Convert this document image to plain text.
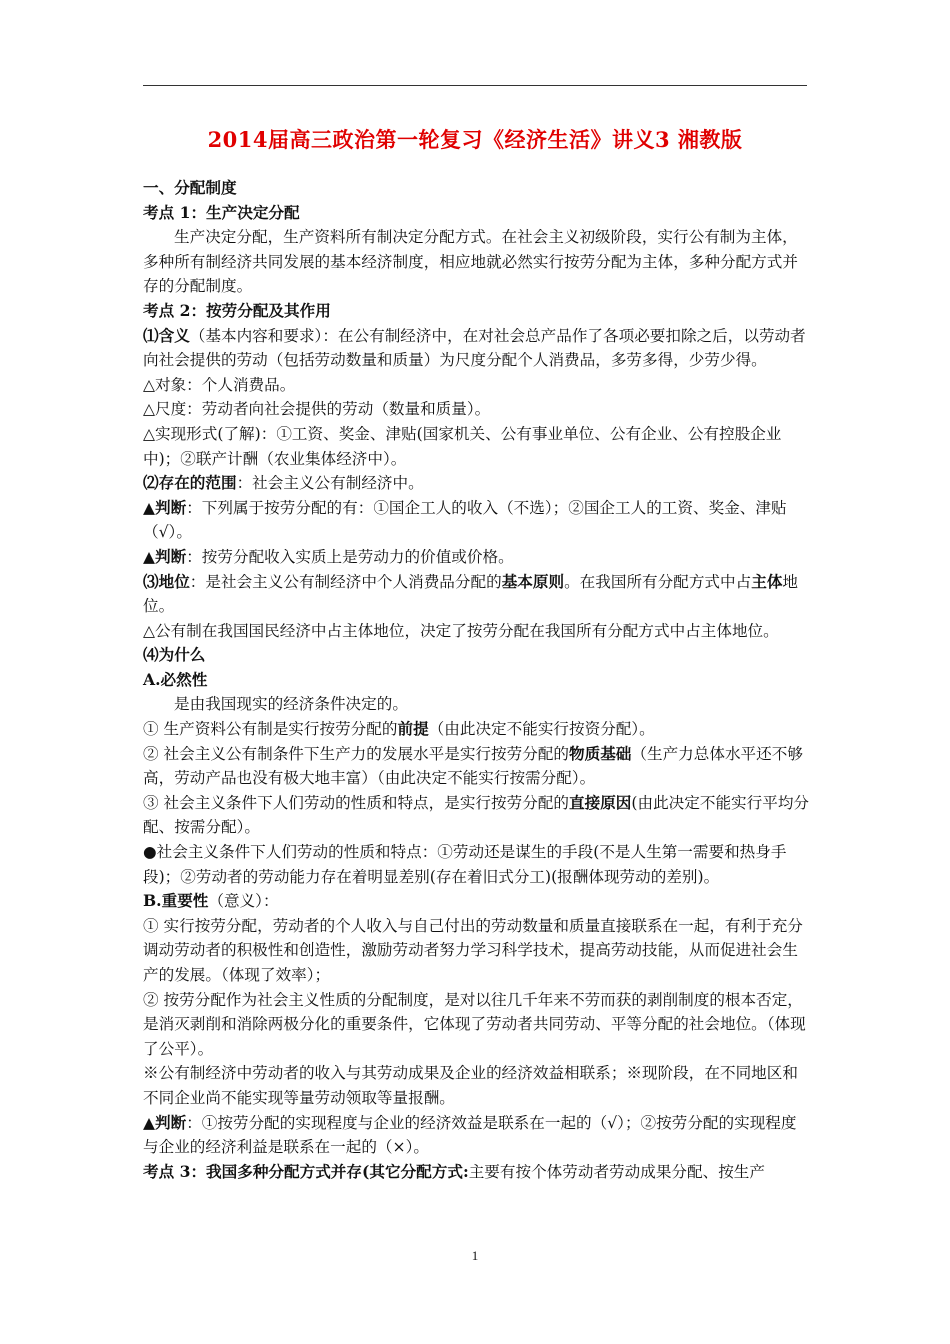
2014届高三政治第一轮复习《经济生活》讲义3 湘教版

一、分配制度

考点 1：生产决定分配

生产决定分配，生产资料所有制决定分配方式。在社会主义初级阶段，实行公有制为主体，多种所有制经济共同发展的基本经济制度，相应地就必然实行按劳分配为主体，多种分配方式并存的分配制度。

考点 2：按劳分配及其作用

⑴含义（基本内容和要求）：在公有制经济中，在对社会总产品作了各项必要扣除之后，以劳动者向社会提供的劳动（包括劳动数量和质量）为尺度分配个人消费品，多劳多得，少劳少得。

△对象：个人消费品。

△尺度：劳动者向社会提供的劳动（数量和质量）。

△实现形式(了解)：①工资、奖金、津贴(国家机关、公有事业单位、公有企业、公有控股企业中)；②联产计酬（农业集体经济中）。

⑵存在的范围：社会主义公有制经济中。

▲判断：下列属于按劳分配的有：①国企工人的收入（不选）；②国企工人的工资、奖金、津贴（√）。

▲判断：按劳分配收入实质上是劳动力的价值或价格。

⑶地位：是社会主义公有制经济中个人消费品分配的基本原则。在我国所有分配方式中占主体地位。

△公有制在我国国民经济中占主体地位，决定了按劳分配在我国所有分配方式中占主体地位。

⑷为什么

A.必然性

是由我国现实的经济条件决定的。

① 生产资料公有制是实行按劳分配的前提（由此决定不能实行按资分配）。

② 社会主义公有制条件下生产力的发展水平是实行按劳分配的物质基础（生产力总体水平还不够高，劳动产品也没有极大地丰富）（由此决定不能实行按需分配）。

③ 社会主义条件下人们劳动的性质和特点，是实行按劳分配的直接原因(由此决定不能实行平均分配、按需分配）。

●社会主义条件下人们劳动的性质和特点：①劳动还是谋生的手段(不是人生第一需要和热身手段)；②劳动者的劳动能力存在着明显差别(存在着旧式分工)(报酬体现劳动的差别)。

B.重要性（意义）：

① 实行按劳分配，劳动者的个人收入与自己付出的劳动数量和质量直接联系在一起，有利于充分调动劳动者的积极性和创造性，激励劳动者努力学习科学技术，提高劳动技能，从而促进社会生产的发展。（体现了效率）；

② 按劳分配作为社会主义性质的分配制度，是对以往几千年来不劳而获的剥削制度的根本否定，是消灭剥削和消除两极分化的重要条件，它体现了劳动者共同劳动、平等分配的社会地位。（体现了公平）。

※公有制经济中劳动者的收入与其劳动成果及企业的经济效益相联系；※现阶段，在不同地区和不同企业尚不能实现等量劳动领取等量报酬。

▲判断：①按劳分配的实现程度与企业的经济效益是联系在一起的（√）；②按劳分配的实现程度与企业的经济利益是联系在一起的（×）。

考点 3：我国多种分配方式并存(其它分配方式:主要有按个体劳动者劳动成果分配、按生产

1
